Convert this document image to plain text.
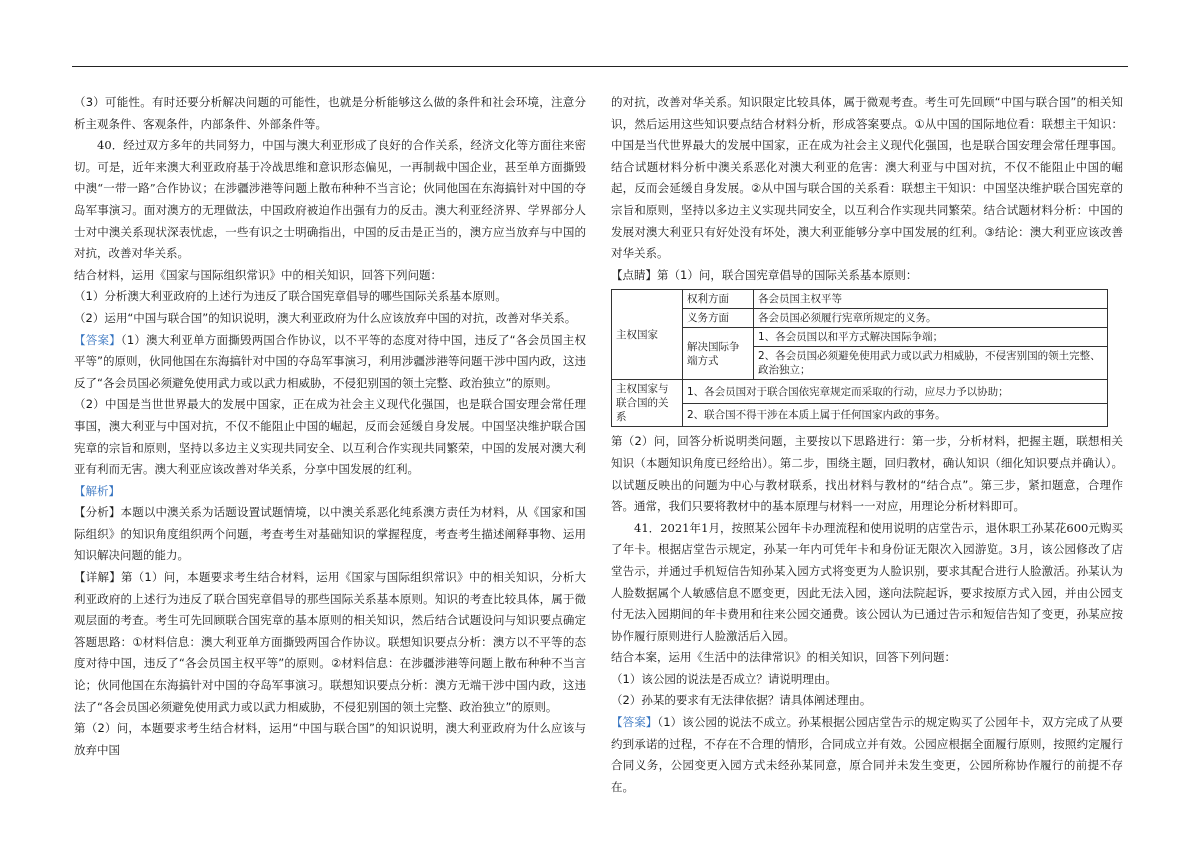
（3）可能性。有时还要分析解决问题的可能性，也就是分析能够这么做的条件和社会环境，注意分析主观条件、客观条件，内部条件、外部条件等。

40．经过双方多年的共同努力，中国与澳大利亚形成了良好的合作关系，经济文化等方面往来密切。可是，近年来澳大利亚政府基于冷战思维和意识形态偏见，一再制裁中国企业，甚至单方面撕毁中澳“一带一路”合作协议；在涉疆涉港等问题上散布种种不当言论；伙同他国在东海搞针对中国的夺岛军事演习。面对澳方的无理做法，中国政府被迫作出强有力的反击。澳大利亚经济界、学界部分人士对中澳关系现状深表忧虑，一些有识之士明确指出，中国的反击是正当的，澳方应当放弃与中国的对抗，改善对华关系。

结合材料，运用《国家与国际组织常识》中的相关知识，回答下列问题：

（1）分析澳大利亚政府的上述行为违反了联合国宪章倡导的哪些国际关系基本原则。

（2）运用“中国与联合国”的知识说明，澳大利亚政府为什么应该放弃中国的对抗，改善对华关系。

【答案】（1）澳大利亚单方面撕毁两国合作协议，以不平等的态度对待中国，违反了“各会员国主权平等”的原则，伙同他国在东海搞针对中国的夺岛军事演习，利用涉疆涉港等问题干涉中国内政，这违反了“各会员国必须避免使用武力或以武力相威胁，不侵犯别国的领土完整、政治独立”的原则。

（2）中国是当世世界最大的发展中国家，正在成为社会主义现代化强国，也是联合国安理会常任理事国，澳大利亚与中国对抗，不仅不能阻止中国的崛起，反而会延缓自身发展。中国坚决维护联合国宪章的宗旨和原则，坚持以多边主义实现共同安全、以互利合作实现共同繁荣，中国的发展对澳大利亚有利而无害。澳大利亚应该改善对华关系，分享中国发展的红利。

【解析】

【分析】本题以中澳关系为话题设置试题情境，以中澳关系恶化纯系澳方责任为材料，从《国家和国际组织》的知识角度组织两个问题，考查考生对基础知识的掌握程度，考查考生描述阐释事物、运用知识解决问题的能力。

【详解】第（1）问，本题要求考生结合材料，运用《国家与国际组织常识》中的相关知识，分析大利亚政府的上述行为违反了联合国宪章倡导的那些国际关系基本原则。知识的考查比较具体，属于微观层面的考查。考生可先回顾联合国宪章的基本原则的相关知识，然后结合试题设问与知识要点确定答题思路：①材料信息：澳大利亚单方面撕毁两国合作协议。联想知识要点分析：澳方以不平等的态度对待中国，违反了“各会员国主权平等”的原则。②材料信息：在涉疆涉港等问题上散布种种不当言论；伙同他国在东海搞针对中国的夺岛军事演习。联想知识要点分析：澳方无端干涉中国内政，这违法了“各会员国必须避免使用武力或以武力相威胁，不侵犯别国的领土完整、政治独立”的原则。

第（2）问，本题要求考生结合材料，运用“中国与联合国”的知识说明，澳大利亚政府为什么应该与放弃中国

的对抗，改善对华关系。知识限定比较具体，属于微观考查。考生可先回顾“中国与联合国”的相关知识，然后运用这些知识要点结合材料分析，形成答案要点。①从中国的国际地位看：联想主干知识：中国是当代世界最大的发展中国家，正在成为社会主义现代化强国，也是联合国安理会常任理事国。结合试题材料分析中澳关系恶化对澳大利亚的危害：澳大利亚与中国对抗，不仅不能阻止中国的崛起，反而会延缓自身发展。②从中国与联合国的关系看：联想主干知识：中国坚决维护联合国宪章的宗旨和原则，坚持以多边主义实现共同安全，以互利合作实现共同繁荣。结合试题材料分析：中国的发展对澳大利亚只有好处没有坏处，澳大利亚能够分享中国发展的红利。③结论：澳大利亚应该改善对华关系。

【点睛】第（1）问，联合国宪章倡导的国际关系基本原则：

主权国家	权利方面	各会员国主权平等
	义务方面	各会员国必须履行宪章所规定的义务。
	解决国际争端方式	1、各会员国以和平方式解决国际争端；
		2、各会员国必须避免使用武力或以武力相威胁，不侵害别国的领土完整、政治独立；
主权国家与联合国的关系	1、各会员国对于联合国依宪章规定而采取的行动，应尽力予以协助；	
	2、联合国不得干涉在本质上属于任何国家内政的事务。	

第（2）问，回答分析说明类问题，主要按以下思路进行：第一步，分析材料，把握主题，联想相关知识（本题知识角度已经给出）。第二步，围绕主题，回归教材，确认知识（细化知识要点并确认）。以试题反映出的问题为中心与教材联系，找出材料与教材的“结合点”。第三步，紧扣题意，合理作答。通常，我们只要将教材中的基本原理与材料一一对应，用理论分析材料即可。

41．2021年1月，按照某公园年卡办理流程和使用说明的店堂告示，退休职工孙某花600元购买了年卡。根据店堂告示规定，孙某一年内可凭年卡和身份证无限次入园游览。3月，该公园修改了店堂告示，并通过手机短信告知孙某入园方式将变更为人脸识别，要求其配合进行人脸激活。孙某认为人脸数据属个人敏感信息不愿变更，因此无法入园，遂向法院起诉，要求按原方式入园，并由公园支付无法入园期间的年卡费用和往来公园交通费。该公园认为已通过告示和短信告知了变更，孙某应按协作履行原则进行人脸激活后入园。

结合本案，运用《生活中的法律常识》的相关知识，回答下列问题：

（1）该公园的说法是否成立？请说明理由。

（2）孙某的要求有无法律依据？请具体阐述理由。

【答案】（1）该公园的说法不成立。孙某根据公园店堂告示的规定购买了公园年卡，双方完成了从要约到承诺的过程，不存在不合理的情形，合同成立并有效。公园应根据全面履行原则，按照约定履行合同义务，公园变更入园方式未经孙某同意，原合同并未发生变更，公园所称协作履行的前提不存在。
